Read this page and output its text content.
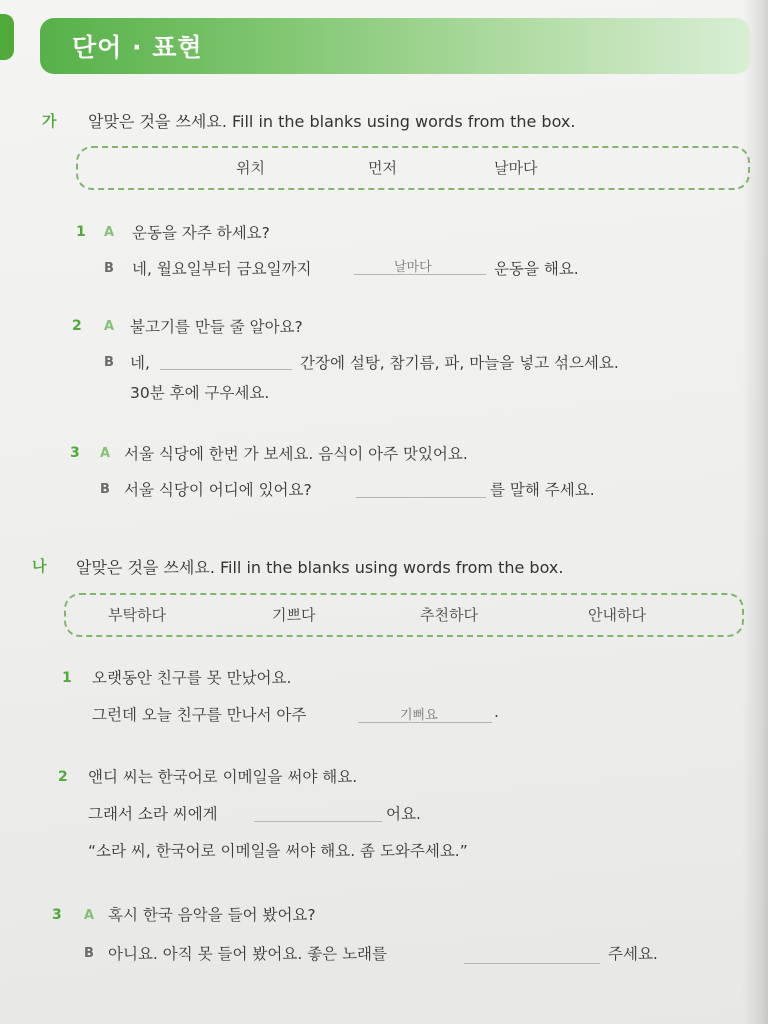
단어 · 표현
가 알맞은 것을 쓰세요. Fill in the blanks using words from the box.
위치	먼저	날마다
1 A 운동을 자주 하세요?
B 네, 월요일부터 금요일까지	날마다	운동을 해요.
2 A 불고기를 만들 줄 알아요?
B 네,	간장에 설탕, 참기름, 파, 마늘을 넣고 섞으세요.
30분 후에 구우세요.
3 A 서울 식당에 한번 가 보세요. 음식이 아주 맛있어요.
B 서울 식당이 어디에 있어요?	를 말해 주세요.
나 알맞은 것을 쓰세요. Fill in the blanks using words from the box.
부탁하다	기쁘다	추천하다	안내하다
1 오랫동안 친구를 못 만났어요.
그런데 오늘 친구를 만나서 아주	기뻐요	.
2 앤디 씨는 한국어로 이메일을 써야 해요.
그래서 소라 씨에게	어요.
“소라 씨, 한국어로 이메일을 써야 해요. 좀 도와주세요.”
3 A 혹시 한국 음악을 들어 봤어요?
B 아니요. 아직 못 들어 봤어요. 좋은 노래를	주세요.
